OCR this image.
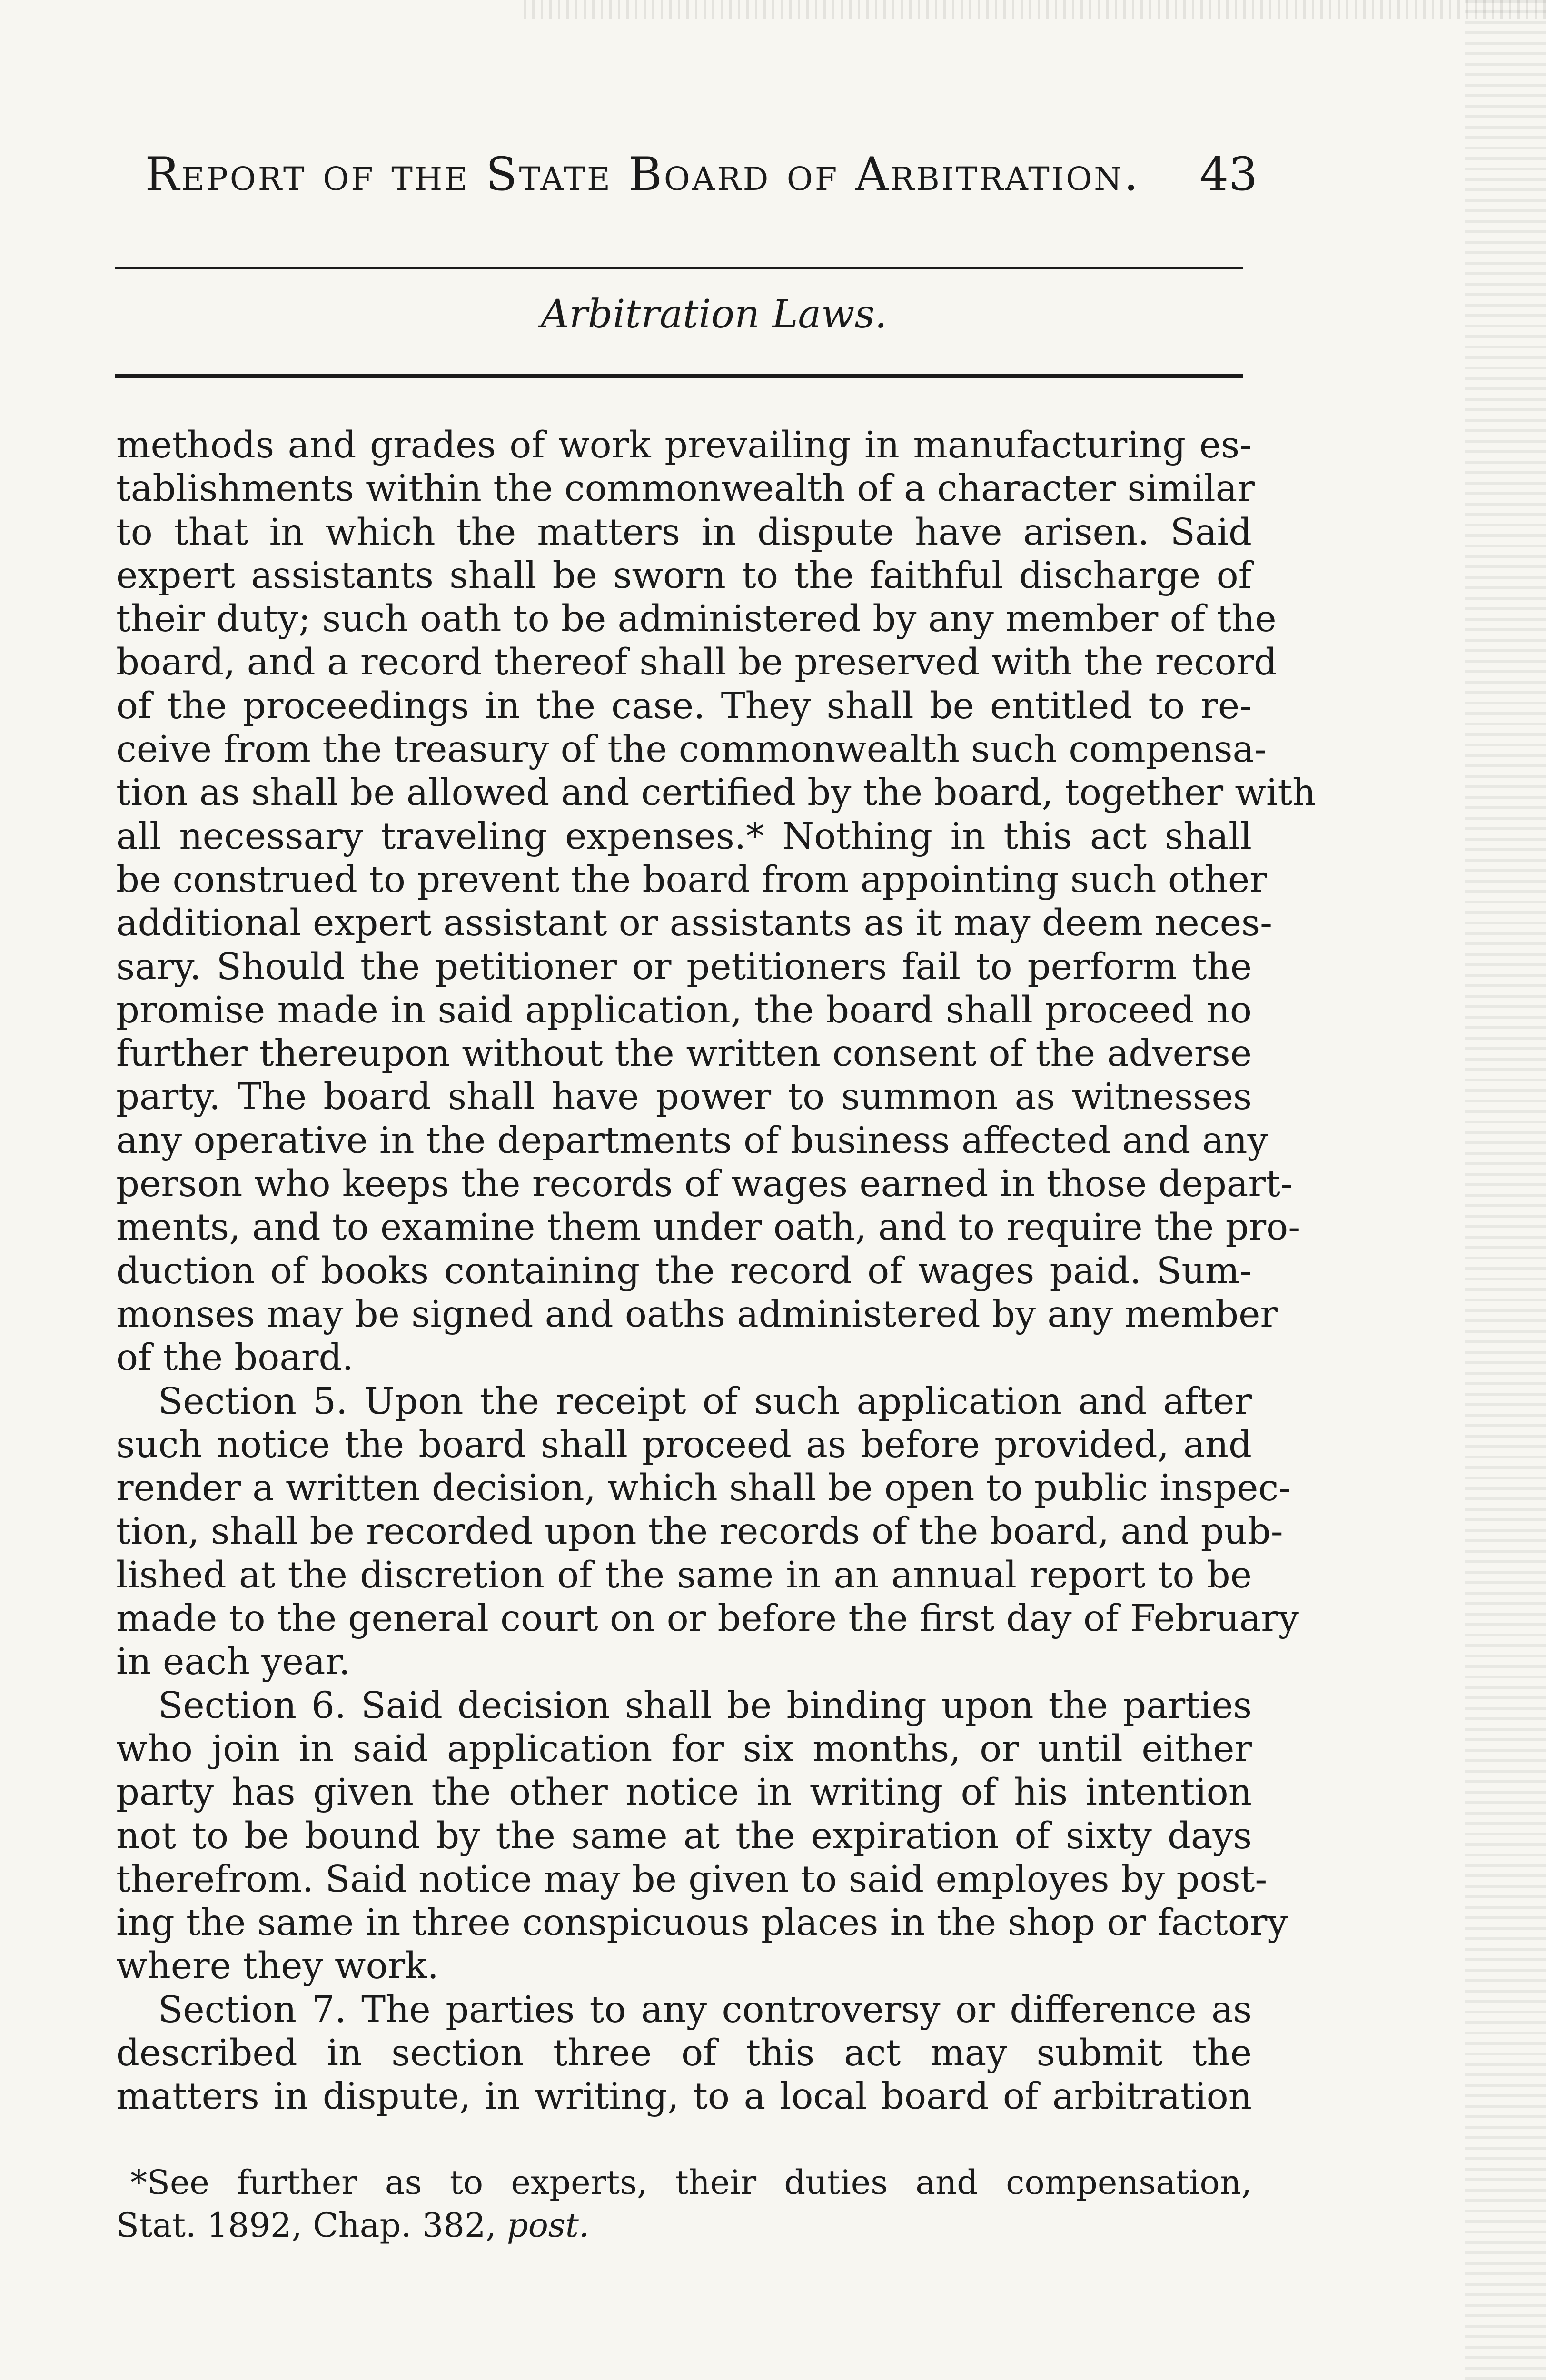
Report of the State Board of Arbitration.	43
Arbitration Laws.
methods and grades of work prevailing in manufacturing es-
tablishments within the commonwealth of a character similar
to that in which the matters in dispute have arisen. Said
expert assistants shall be sworn to the faithful discharge of
their duty; such oath to be administered by any member of the
board, and a record thereof shall be preserved with the record
of the proceedings in the case. They shall be entitled to re-
ceive from the treasury of the commonwealth such compensa-
tion as shall be allowed and certified by the board, together with
all necessary traveling expenses.* Nothing in this act shall
be construed to prevent the board from appointing such other
additional expert assistant or assistants as it may deem neces-
sary. Should the petitioner or petitioners fail to perform the
promise made in said application, the board shall proceed no
further thereupon without the written consent of the adverse
party. The board shall have power to summon as witnesses
any operative in the departments of business affected and any
person who keeps the records of wages earned in those depart-
ments, and to examine them under oath, and to require the pro-
duction of books containing the record of wages paid. Sum-
monses may be signed and oaths administered by any member
of the board.
Section 5. Upon the receipt of such application and after
such notice the board shall proceed as before provided, and
render a written decision, which shall be open to public inspec-
tion, shall be recorded upon the records of the board, and pub-
lished at the discretion of the same in an annual report to be
made to the general court on or before the first day of February
in each year.
Section 6. Said decision shall be binding upon the parties
who join in said application for six months, or until either
party has given the other notice in writing of his intention
not to be bound by the same at the expiration of sixty days
therefrom. Said notice may be given to said employes by post-
ing the same in three conspicuous places in the shop or factory
where they work.
Section 7. The parties to any controversy or difference as
described in section three of this act may submit the
matters in dispute, in writing, to a local board of arbitration
*See further as to experts, their duties and compensation,
Stat. 1892, Chap. 382, post.
